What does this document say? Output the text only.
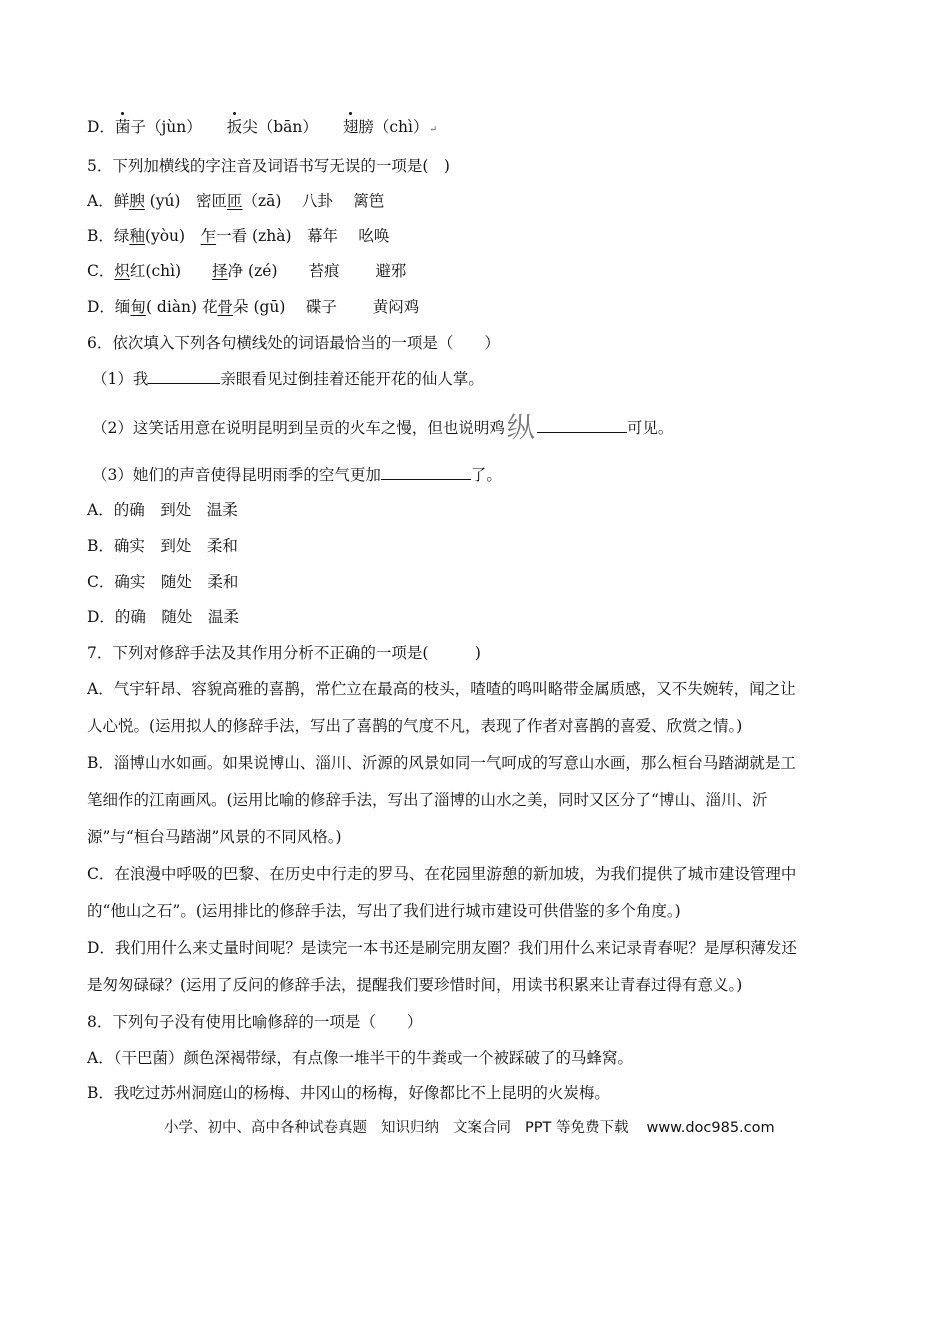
D．菌子（jùn） 扳尖（bān） 翅膀（chì）↵
5．下列加横线的字注音及词语书写无误的一项是(　)
A．鲜腴 (yú)　密匝匝（zā)　 八卦　 篱笆
B．绿釉(yòu)　乍一看 (zhà)　幕年　 吆唤
C．炽红(chì)　　择净 (zé)　　苔痕　　 避邪
D．缅甸( diàn) 花骨朵 (gū)　 碟子　　 黄闷鸡
6．依次填入下列各句横线处的词语最恰当的一项是（　　）
（1）我	亲眼看见过倒挂着还能开花的仙人掌。
（2）这笑话用意在说明昆明到呈贡的火车之慢，但也说明鸡纵	可见。
（3）她们的声音使得昆明雨季的空气更加	了。
A．的确　到处　温柔
B．确实　到处　柔和
C．确实　随处　柔和
D．的确　随处　温柔
7．下列对修辞手法及其作用分析不正确的一项是(　　　)
A．气宇轩昂、容貌高雅的喜鹊，常伫立在最高的枝头，喳喳的鸣叫略带金属质感，又不失婉转，闻之让
人心悦。(运用拟人的修辞手法，写出了喜鹊的气度不凡，表现了作者对喜鹊的喜爱、欣赏之情。)
B．淄博山水如画。如果说博山、淄川、沂源的风景如同一气呵成的写意山水画，那么桓台马踏湖就是工
笔细作的江南画风。(运用比喻的修辞手法，写出了淄博的山水之美，同时又区分了“博山、淄川、沂
源”与“桓台马踏湖”风景的不同风格。)
C．在浪漫中呼吸的巴黎、在历史中行走的罗马、在花园里游憩的新加坡，为我们提供了城市建设管理中
的“他山之石”。(运用排比的修辞手法，写出了我们进行城市建设可供借鉴的多个角度。)
D．我们用什么来丈量时间呢？是读完一本书还是刷完朋友圈？我们用什么来记录青春呢？是厚积薄发还
是匆匆碌碌？(运用了反问的修辞手法，提醒我们要珍惜时间，用读书积累来让青春过得有意义。)
8．下列句子没有使用比喻修辞的一项是（　　）
A．（干巴菌）颜色深褐带绿，有点像一堆半干的牛粪或一个被踩破了的马蜂窝。
B．我吃过苏州洞庭山的杨梅、井冈山的杨梅，好像都比不上昆明的火炭梅。
小学、初中、高中各种试卷真题 知识归纳 文案合同 PPT 等免费下载 www.doc985.com
